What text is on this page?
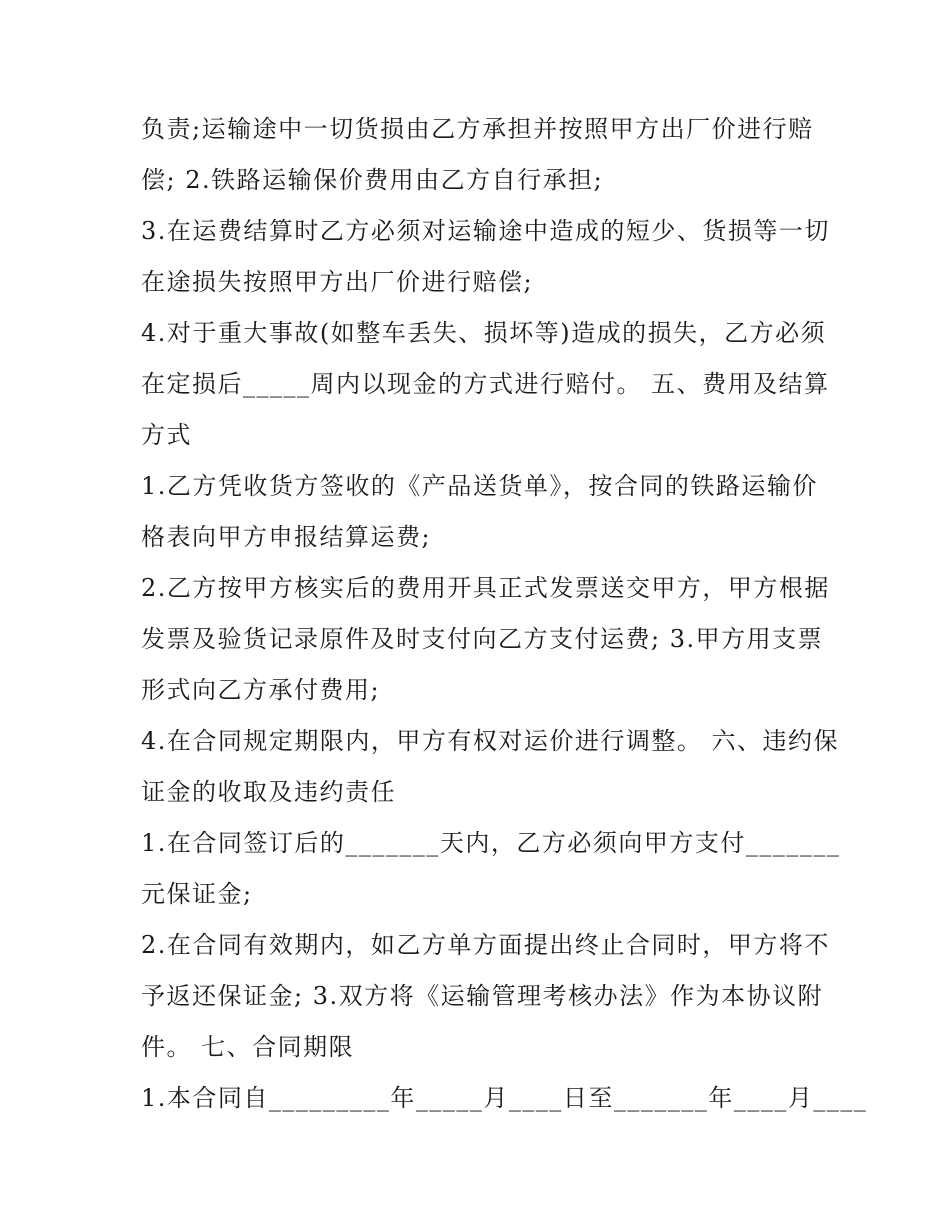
负责;运输途中一切货损由乙方承担并按照甲方出厂价进行赔
偿; 2.铁路运输保价费用由乙方自行承担;
3.在运费结算时乙方必须对运输途中造成的短少、货损等一切
在途损失按照甲方出厂价进行赔偿;
4.对于重大事故(如整车丢失、损坏等)造成的损失，乙方必须
在定损后_____周内以现金的方式进行赔付。 五、费用及结算
方式
1.乙方凭收货方签收的《产品送货单》，按合同的铁路运输价
格表向甲方申报结算运费;
2.乙方按甲方核实后的费用开具正式发票送交甲方，甲方根据
发票及验货记录原件及时支付向乙方支付运费; 3.甲方用支票
形式向乙方承付费用;
4.在合同规定期限内，甲方有权对运价进行调整。 六、违约保
证金的收取及违约责任
1.在合同签订后的_______天内，乙方必须向甲方支付_______
元保证金;
2.在合同有效期内，如乙方单方面提出终止合同时，甲方将不
予返还保证金; 3.双方将《运输管理考核办法》作为本协议附
件。 七、合同期限
1.本合同自_________年_____月____日至_______年____月____
